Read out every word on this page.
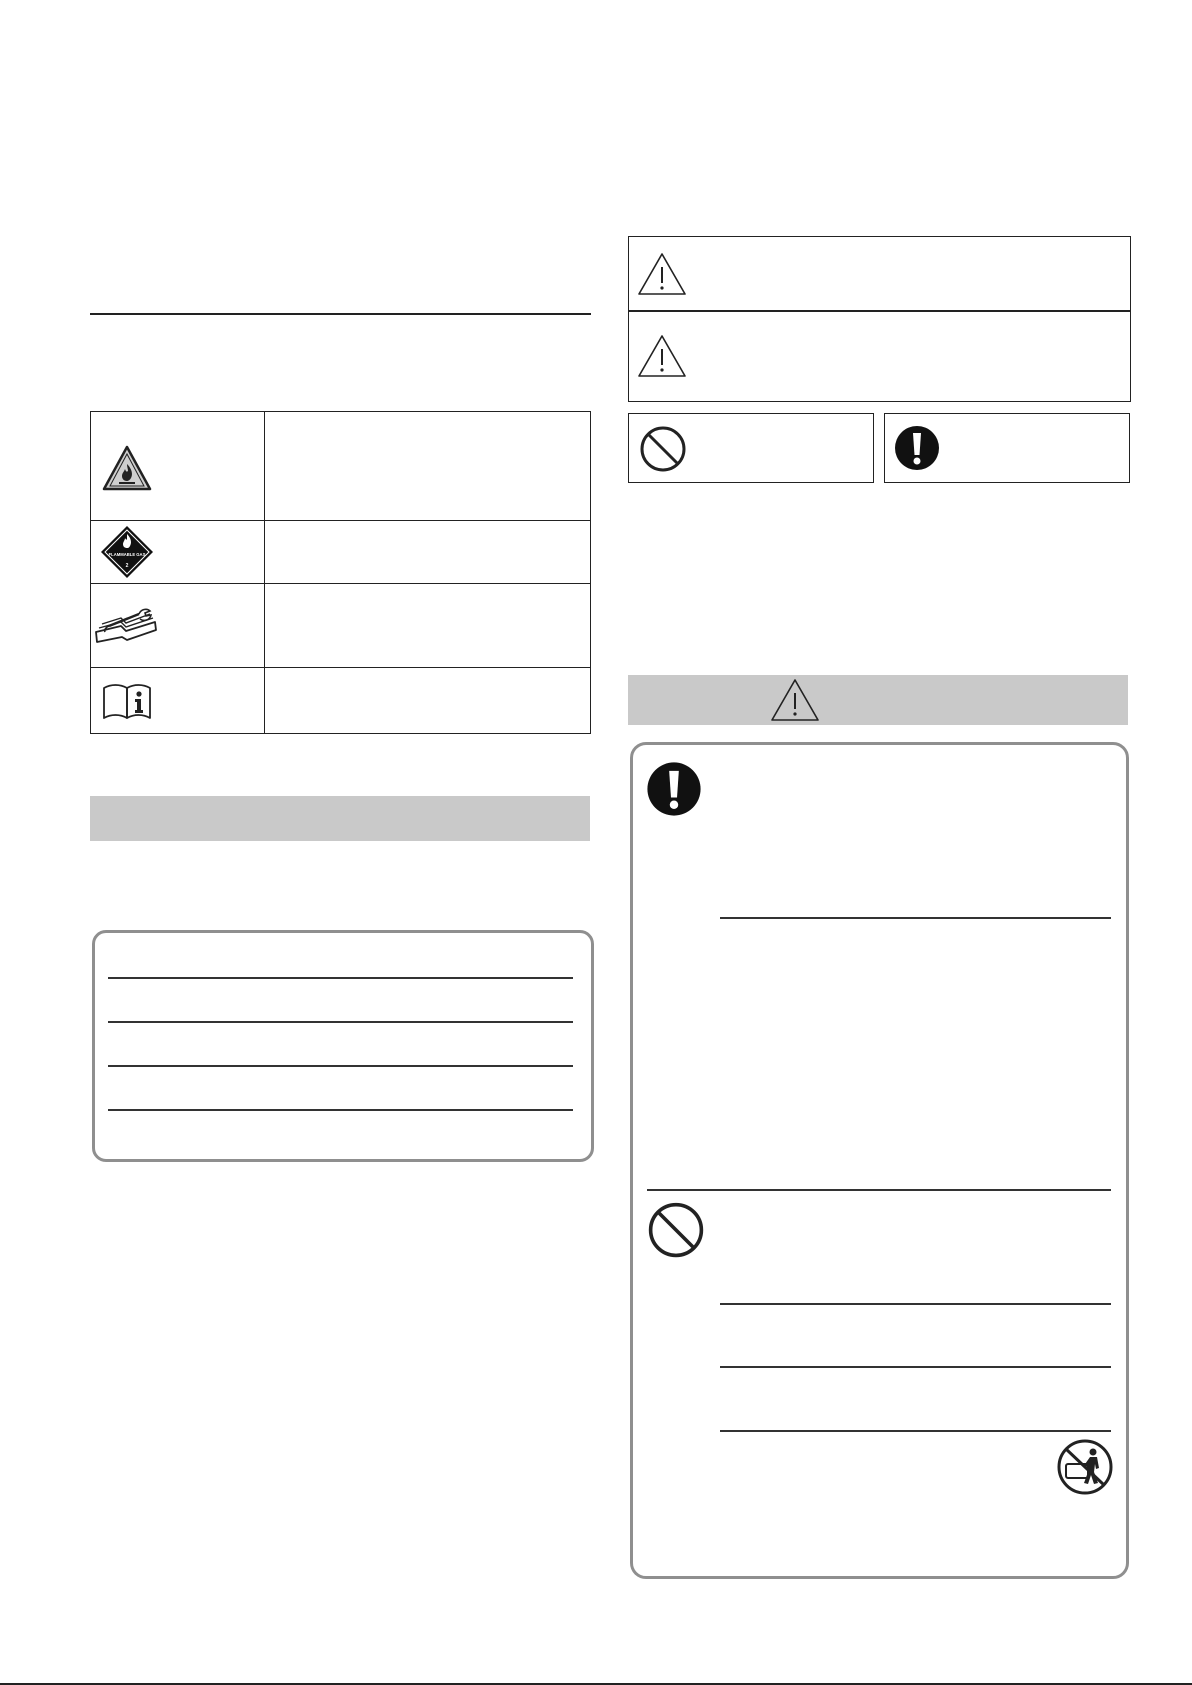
FLAMMABLE GAS
2
